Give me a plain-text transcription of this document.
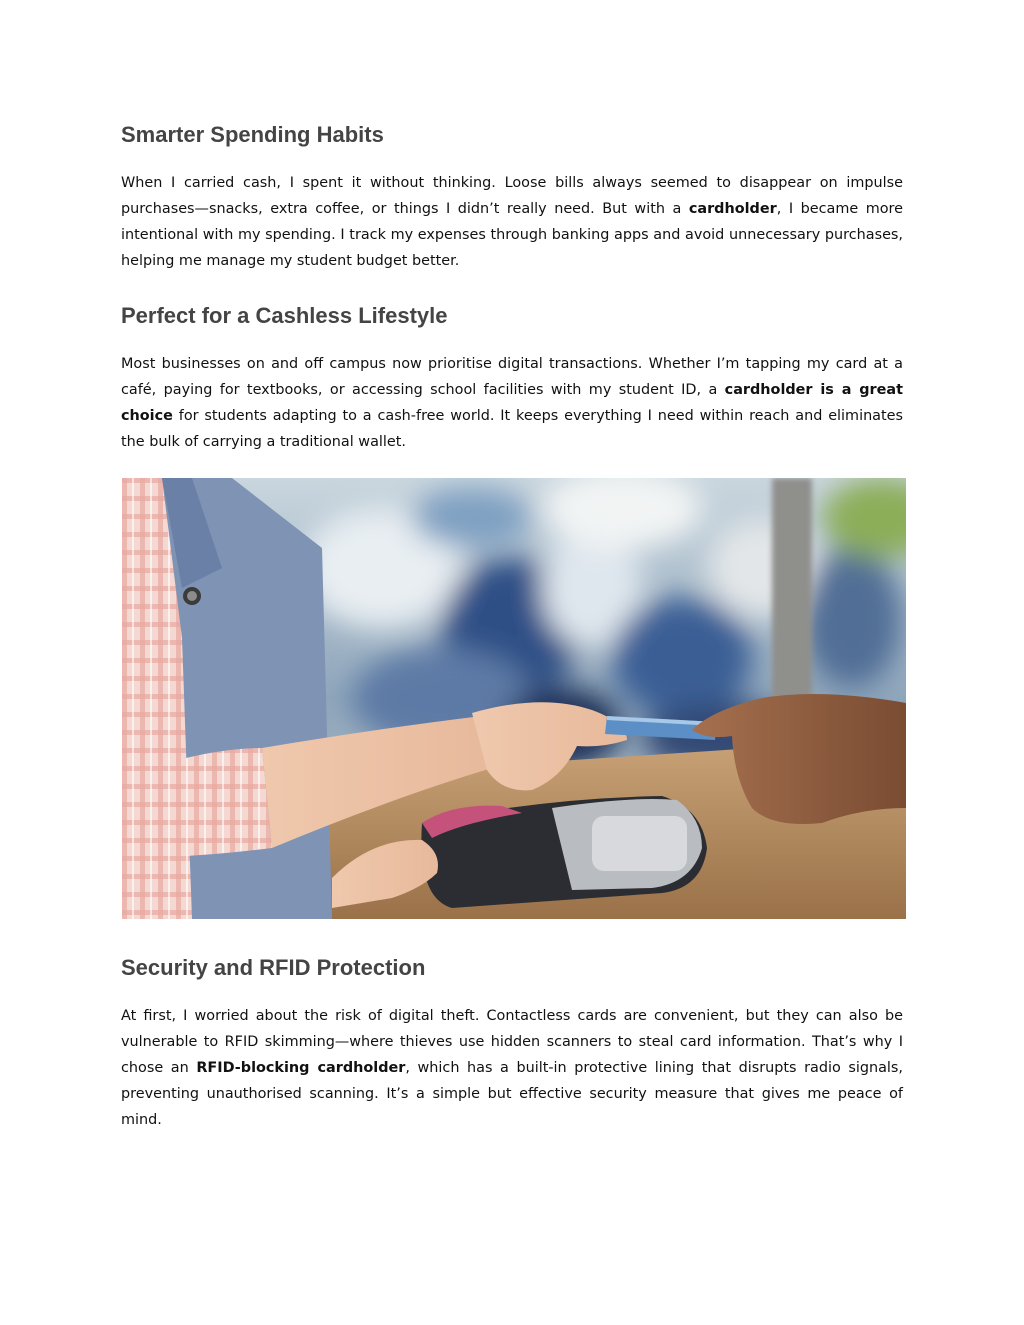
Smarter Spending Habits

When I carried cash, I spent it without thinking. Loose bills always seemed to disappear on impulse purchases—snacks, extra coffee, or things I didn’t really need. But with a cardholder, I became more intentional with my spending. I track my expenses through banking apps and avoid unnecessary purchases, helping me manage my student budget better.

Perfect for a Cashless Lifestyle

Most businesses on and off campus now prioritise digital transactions. Whether I’m tapping my card at a café, paying for textbooks, or accessing school facilities with my student ID, a cardholder is a great choice for students adapting to a cash-free world. It keeps everything I need within reach and eliminates the bulk of carrying a traditional wallet.

Security and RFID Protection

At first, I worried about the risk of digital theft. Contactless cards are convenient, but they can also be vulnerable to RFID skimming—where thieves use hidden scanners to steal card information. That’s why I chose an RFID-blocking cardholder, which has a built-in protective lining that disrupts radio signals, preventing unauthorised scanning. It’s a simple but effective security measure that gives me peace of mind.
